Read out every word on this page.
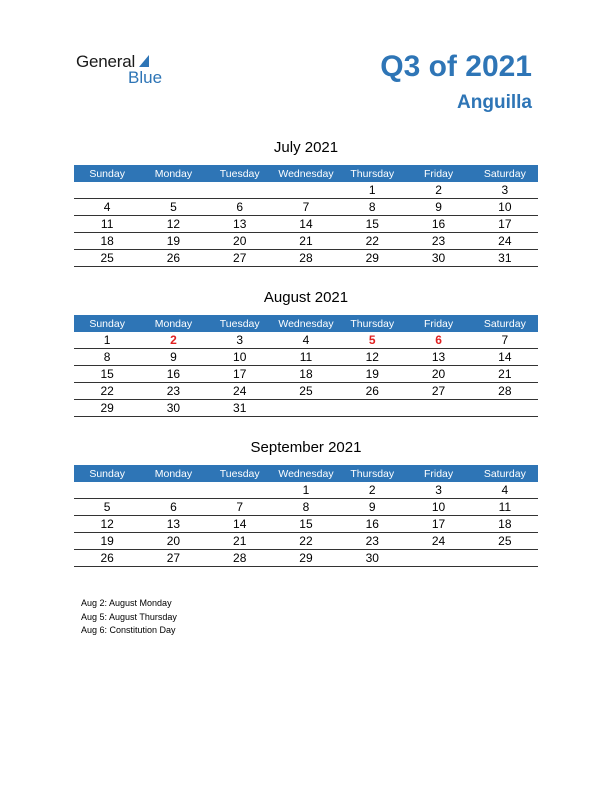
General
Blue	Q3 of 2021
Anguilla
July 2021
Sunday	Monday	Tuesday	Wednesday	Thursday	Friday	Saturday
				1	2	3
4	5	6	7	8	9	10
11	12	13	14	15	16	17
18	19	20	21	22	23	24
25	26	27	28	29	30	31
August 2021
Sunday	Monday	Tuesday	Wednesday	Thursday	Friday	Saturday
1	2	3	4	5	6	7
8	9	10	11	12	13	14
15	16	17	18	19	20	21
22	23	24	25	26	27	28
29	30	31				
September 2021
Sunday	Monday	Tuesday	Wednesday	Thursday	Friday	Saturday
			1	2	3	4
5	6	7	8	9	10	11
12	13	14	15	16	17	18
19	20	21	22	23	24	25
26	27	28	29	30		
Aug 2: August Monday
Aug 5: August Thursday
Aug 6: Constitution Day
